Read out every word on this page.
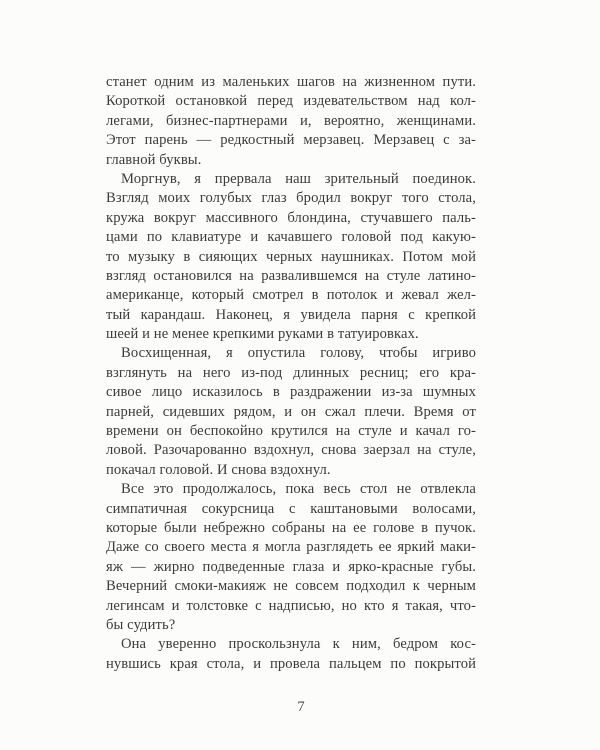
станет одним из маленьких шагов на жизненном пути.
Короткой остановкой перед издевательством над кол-
легами, бизнес-партнерами и, вероятно, женщинами.
Этот парень — редкостный мерзавец. Мерзавец с за-
главной буквы.
Моргнув, я прервала наш зрительный поединок.
Взгляд моих голубых глаз бродил вокруг того стола,
кружа вокруг массивного блондина, стучавшего паль-
цами по клавиатуре и качавшего головой под какую-
то музыку в сияющих черных наушниках. Потом мой
взгляд остановился на развалившемся на стуле латино-
американце, который смотрел в потолок и жевал жел-
тый карандаш. Наконец, я увидела парня с крепкой
шеей и не менее крепкими руками в татуировках.
Восхищенная, я опустила голову, чтобы игриво
взглянуть на него из-под длинных ресниц; его кра-
сивое лицо исказилось в раздражении из-за шумных
парней, сидевших рядом, и он сжал плечи. Время от
времени он беспокойно крутился на стуле и качал го-
ловой. Разочарованно вздохнул, снова заерзал на стуле,
покачал головой. И снова вздохнул.
Все это продолжалось, пока весь стол не отвлекла
симпатичная сокурсница с каштановыми волосами,
которые были небрежно собраны на ее голове в пучок.
Даже со своего места я могла разглядеть ее яркий маки-
яж — жирно подведенные глаза и ярко-красные губы.
Вечерний смоки-макияж не совсем подходил к черным
легинсам и толстовке с надписью, но кто я такая, что-
бы судить?
Она уверенно проскользнула к ним, бедром кос-
нувшись края стола, и провела пальцем по покрытой
7
